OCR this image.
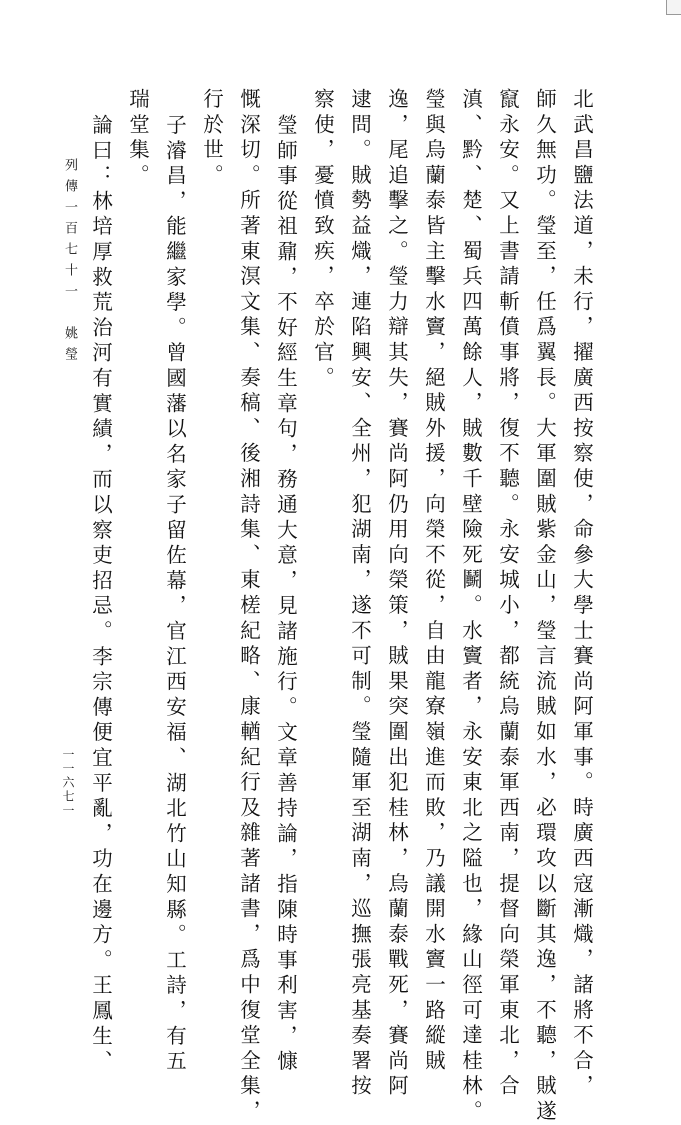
北武昌鹽法道，未行，擢廣西按察使，命參大學士賽尚阿軍事。時廣西寇漸熾，諸將不合，
師久無功。瑩至，任爲翼長。大軍圍賊紫金山，瑩言流賊如水，必環攻以斷其逸，不聽，賊遂
竄永安。又上書請斬僨事將，復不聽。永安城小，都統烏蘭泰軍西南，提督向榮軍東北，合
滇、黔、楚、蜀兵四萬餘人，賊數千壁險死鬭。水竇者，永安東北之隘也，緣山徑可達桂林。
瑩與烏蘭泰皆主擊水竇，絕賊外援，向榮不從，自由龍寮嶺進而敗，乃議開水竇一路縱賊
逸，尾追擊之。瑩力辯其失，賽尚阿仍用向榮策，賊果突圍出犯桂林，烏蘭泰戰死，賽尚阿
逮問。賊勢益熾，連陷興安、全州，犯湖南，遂不可制。瑩隨軍至湖南，巡撫張亮基奏署按
察使，憂憤致疾，卒於官。
瑩師事從祖鼐，不好經生章句，務通大意，見諸施行。文章善持論，指陳時事利害，慷
慨深切。所著東溟文集、奏稿、後湘詩集、東槎紀略、康輶紀行及雜著諸書，爲中復堂全集，
行於世。
子濬昌，能繼家學。曾國藩以名家子留佐幕，官江西安福、湖北竹山知縣。工詩，有五
瑞堂集。
論曰：林培厚救荒治河有實績，而以察吏招忌。李宗傳便宜平亂，功在邊方。王鳳生、
列傳一百七十一　姚瑩
一一六七一
